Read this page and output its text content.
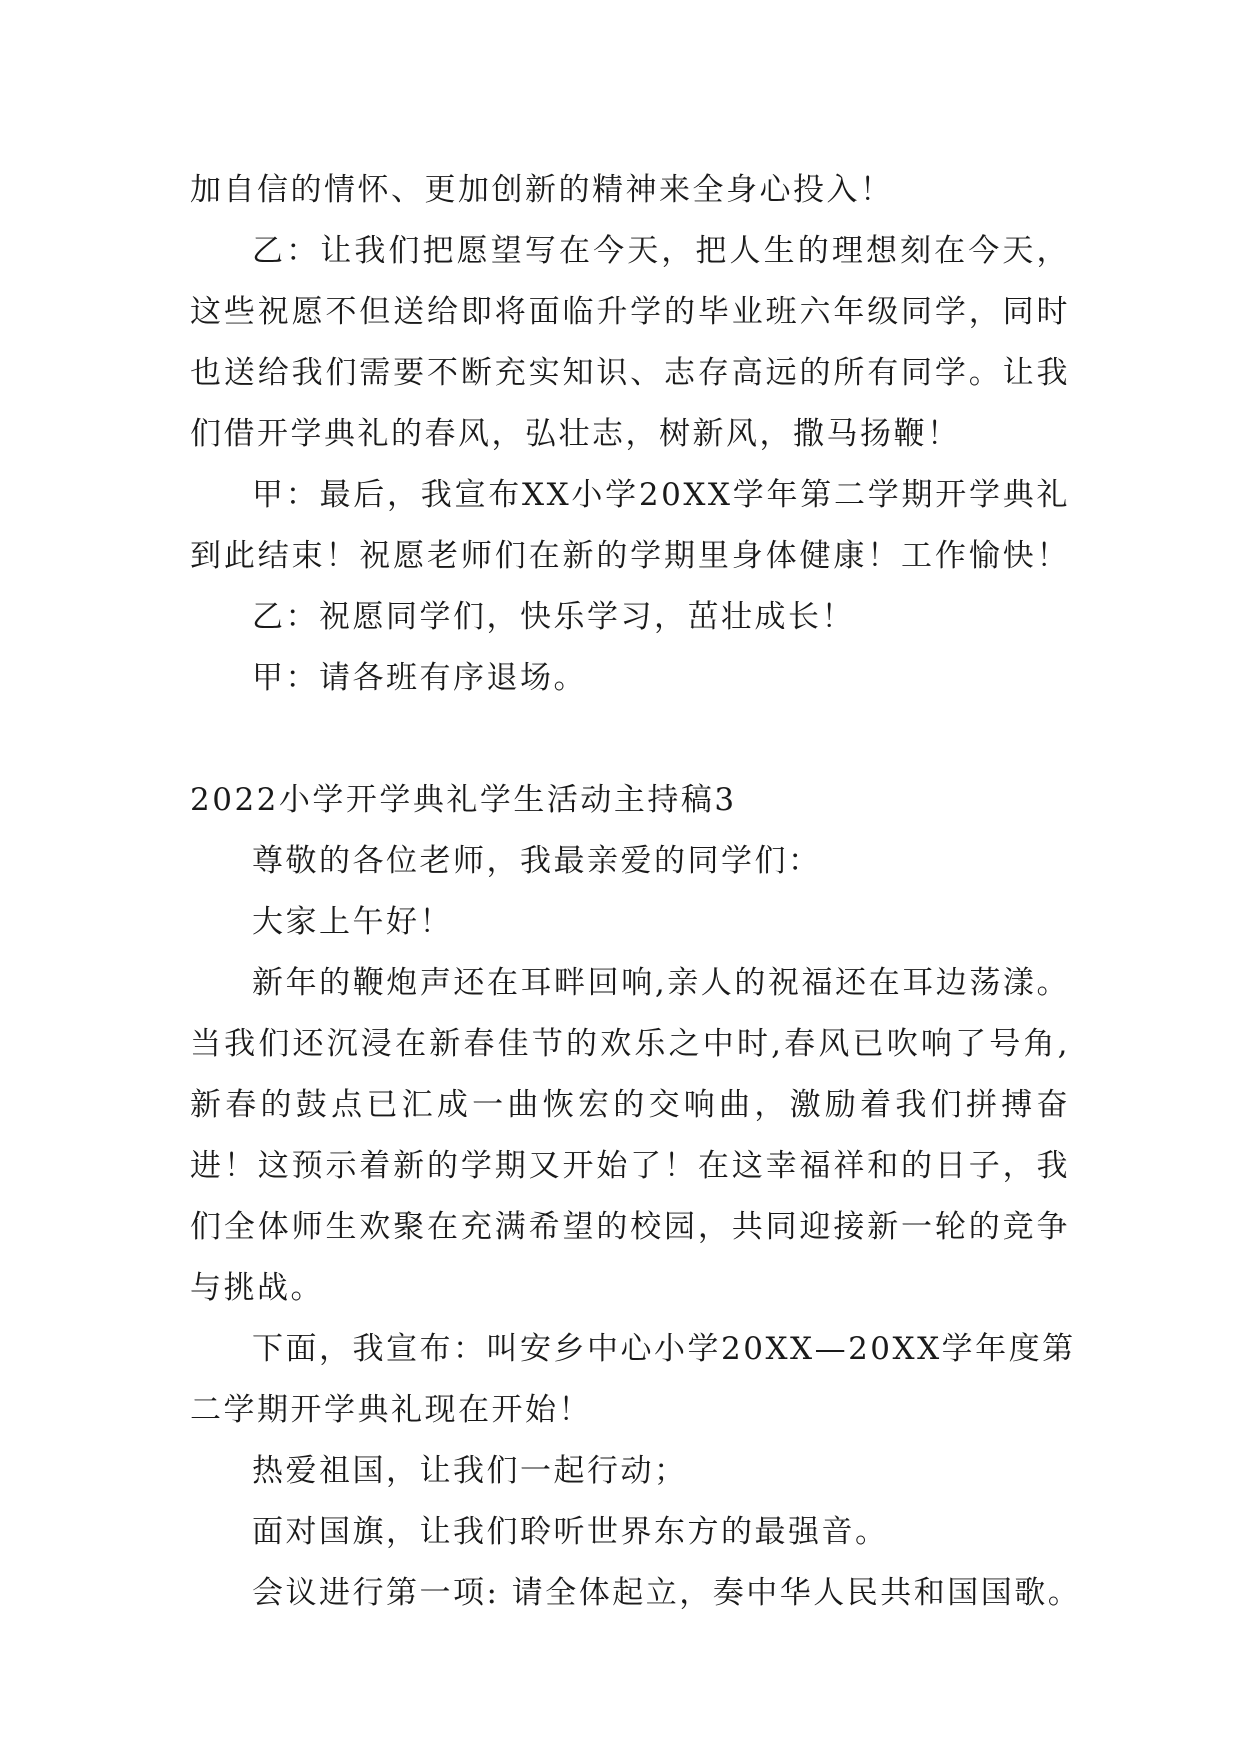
加自信的情怀、更加创新的精神来全身心投入！
乙：让我们把愿望写在今天，把人生的理想刻在今天，
这些祝愿不但送给即将面临升学的毕业班六年级同学，同时
也送给我们需要不断充实知识、志存高远的所有同学。让我
们借开学典礼的春风，弘壮志，树新风，撒马扬鞭！
甲：最后，我宣布XX小学20XX学年第二学期开学典礼
到此结束！祝愿老师们在新的学期里身体健康！工作愉快！
乙：祝愿同学们，快乐学习，茁壮成长！
甲：请各班有序退场。
2022小学开学典礼学生活动主持稿3
尊敬的各位老师，我最亲爱的同学们：
大家上午好！
新年的鞭炮声还在耳畔回响,亲人的祝福还在耳边荡漾。
当我们还沉浸在新春佳节的欢乐之中时,春风已吹响了号角,
新春的鼓点已汇成一曲恢宏的交响曲，激励着我们拼搏奋
进！这预示着新的学期又开始了！在这幸福祥和的日子，我
们全体师生欢聚在充满希望的校园，共同迎接新一轮的竞争
与挑战。
下面，我宣布：叫安乡中心小学20XX—20XX学年度第
二学期开学典礼现在开始！
热爱祖国，让我们一起行动；
面对国旗，让我们聆听世界东方的最强音。
会议进行第一项: 请全体起立，奏中华人民共和国国歌。
